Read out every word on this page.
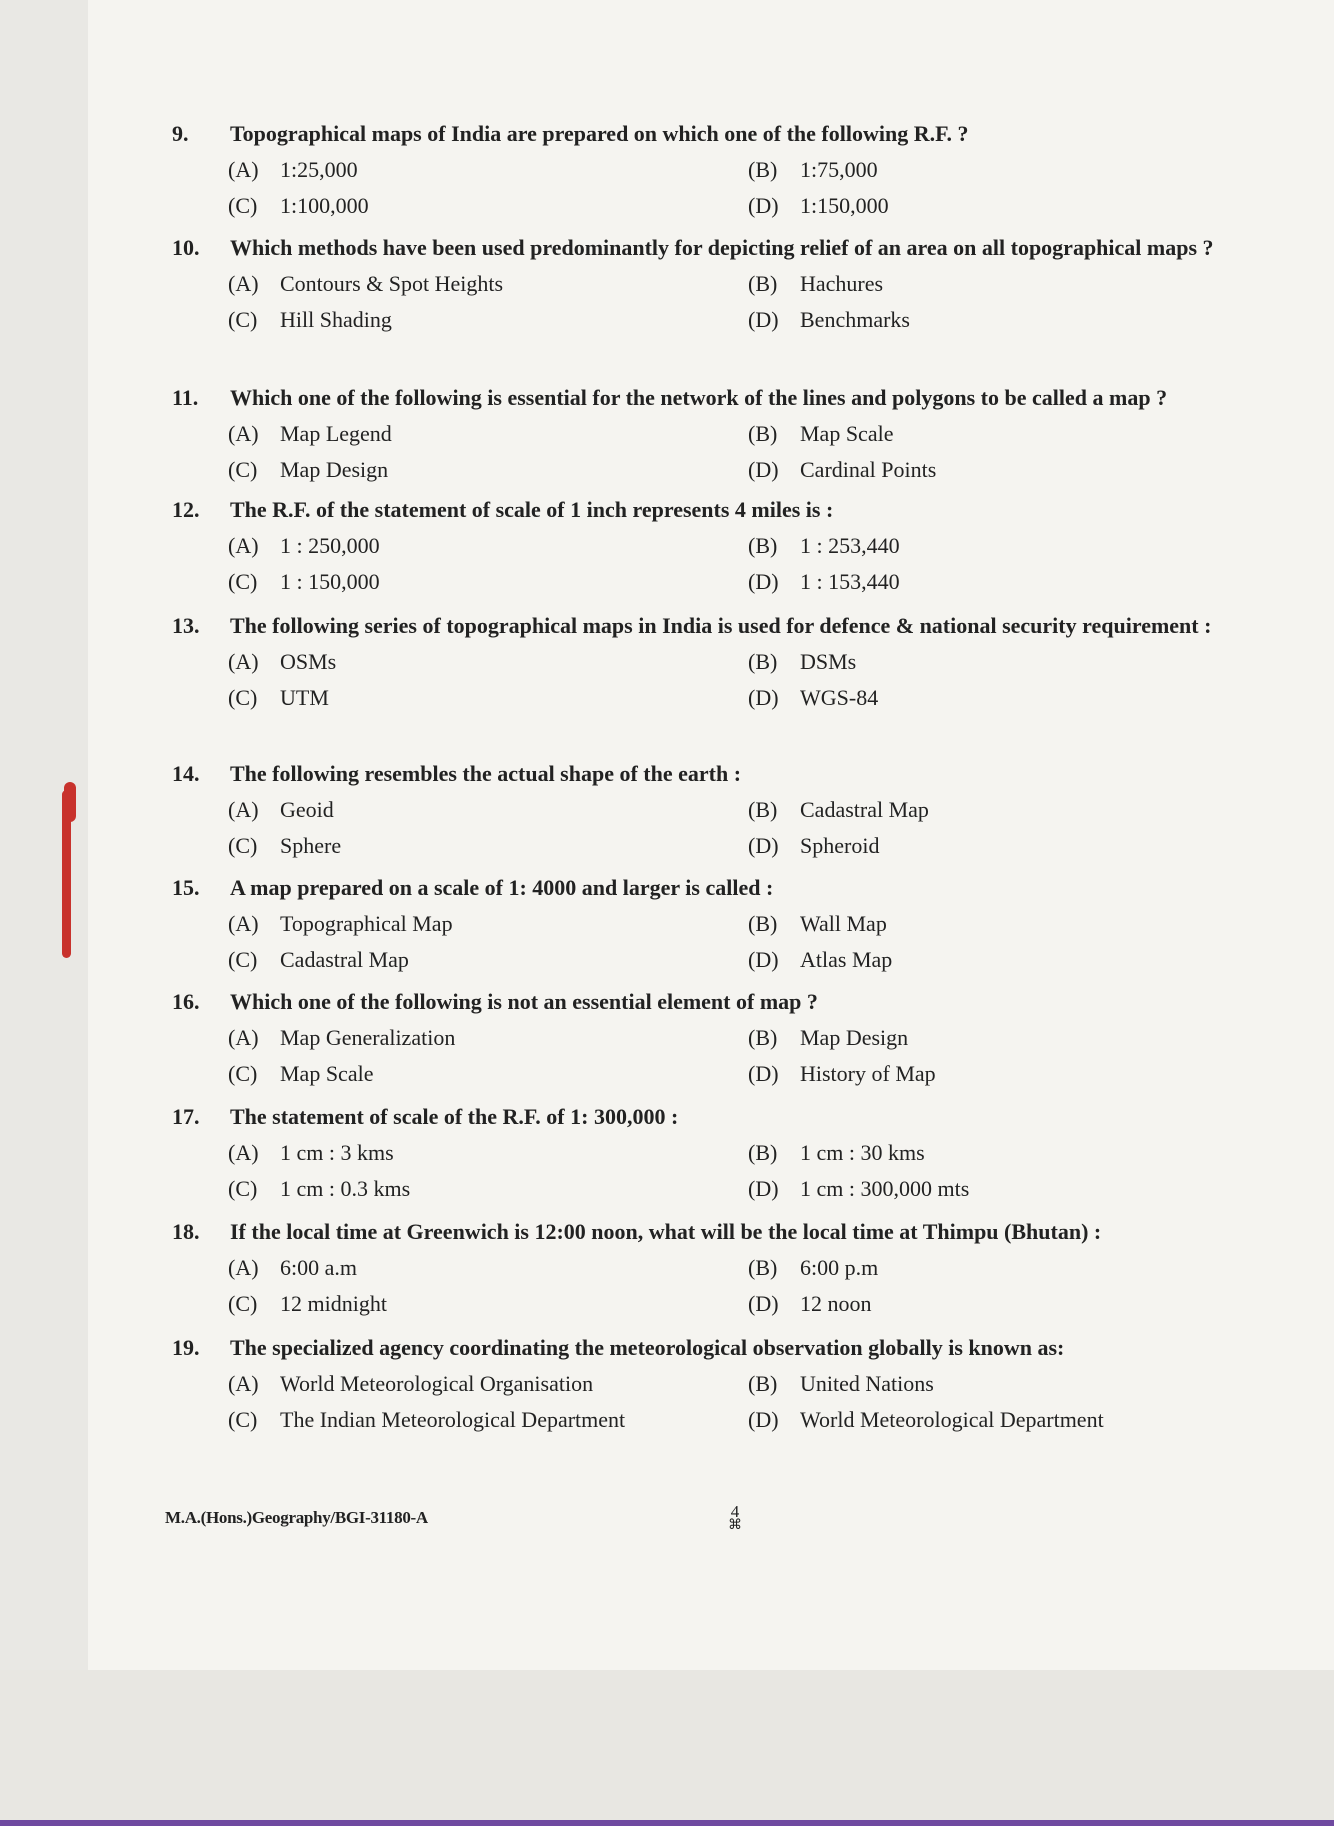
9.	Topographical maps of India are prepared on which one of the following R.F. ?
(A) 1:25,000	(B)	1:75,000
(C)	1:100,000	(D) 1:150,000
10.	Which methods have been used predominantly for depicting relief of an area on all topographical maps ?
(A) Contours & Spot Heights	(B)	Hachures
(C)	Hill Shading	(D) Benchmarks
11.	Which one of the following is essential for the network of the lines and polygons to be called a map ?
(A) Map Legend	(B)	Map Scale
(C)	Map Design	(D) Cardinal Points
12.	The R.F. of the statement of scale of 1 inch represents 4 miles is :
(A) 1 : 250,000	(B)	1 : 253,440
(C)	1 : 150,000	(D) 1 : 153,440
13.	The following series of topographical maps in India is used for defence & national security requirement :
(A) OSMs	(B)	DSMs
(C)	UTM	(D) WGS-84
14.	The following resembles the actual shape of the earth :
(A) Geoid	(B)	Cadastral Map
(C)	Sphere	(D) Spheroid
15.	A map prepared on a scale of 1: 4000 and larger is called :
(A) Topographical Map	(B)	Wall Map
(C)	Cadastral Map	(D) Atlas Map
16.	Which one of the following is not an essential element of map ?
(A) Map Generalization	(B)	Map Design
(C)	Map Scale	(D) History of Map
17.	The statement of scale of the R.F. of 1: 300,000 :
(A) 1 cm : 3 kms	(B)	1 cm : 30 kms
(C)	1 cm : 0.3 kms	(D) 1 cm : 300,000 mts
18.	If the local time at Greenwich is 12:00 noon, what will be the local time at Thimpu (Bhutan) :
(A) 6:00 a.m	(B)	6:00 p.m
(C)	12 midnight	(D) 12 noon
19.	The specialized agency coordinating the meteorological observation globally is known as:
(A) World Meteorological Organisation	(B)	United Nations
(C)	The Indian Meteorological Department	(D) World Meteorological Department
M.A.(Hons.)Geography/BGI-31180-A	4
⌘
